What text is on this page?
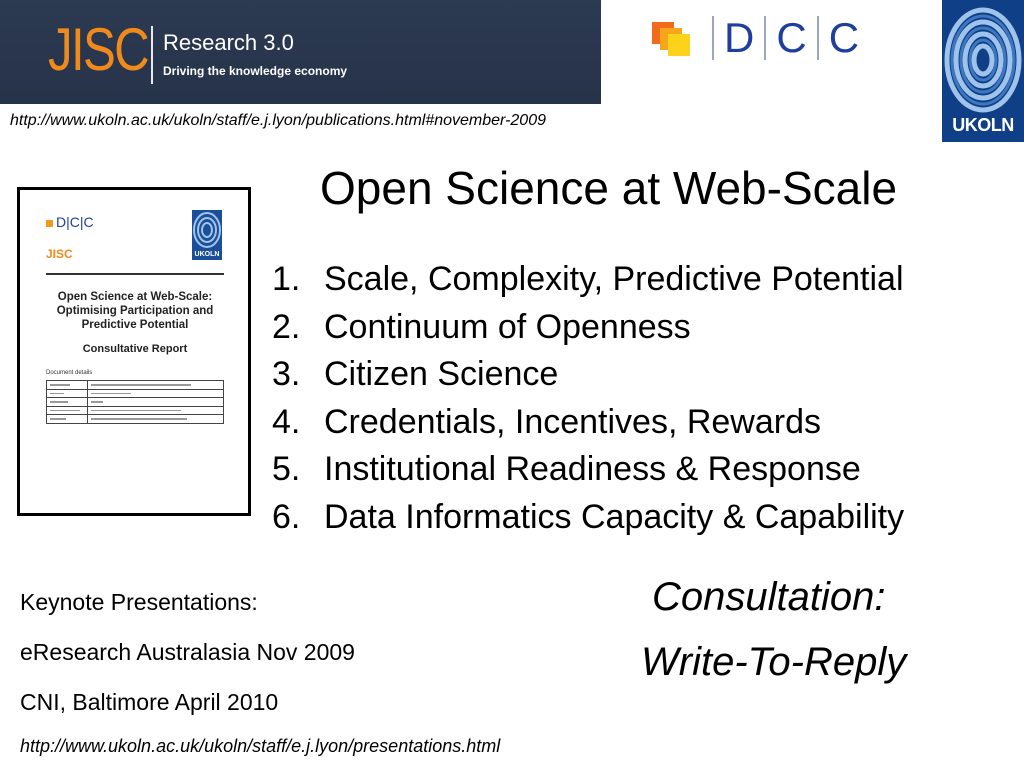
JISC Research 3.0
Driving the knowledge economy
D C C
UKOLN
http://www.ukoln.ac.uk/ukoln/staff/e.j.lyon/publications.html#november-2009
D|C|C
JISC	UKOLN
Open Science at Web-Scale: Optimising Participation and Predictive Potential
Consultative Report
Document details

Open Science at Web-Scale
1. Scale, Complexity, Predictive Potential
2. Continuum of Openness
3. Citizen Science
4. Credentials, Incentives, Rewards
5. Institutional Readiness & Response
6. Data Informatics Capacity & Capability
Keynote Presentations:
eResearch Australasia Nov 2009
CNI, Baltimore April 2010
http://www.ukoln.ac.uk/ukoln/staff/e.j.lyon/presentations.html
Consultation:
Write-To-Reply
